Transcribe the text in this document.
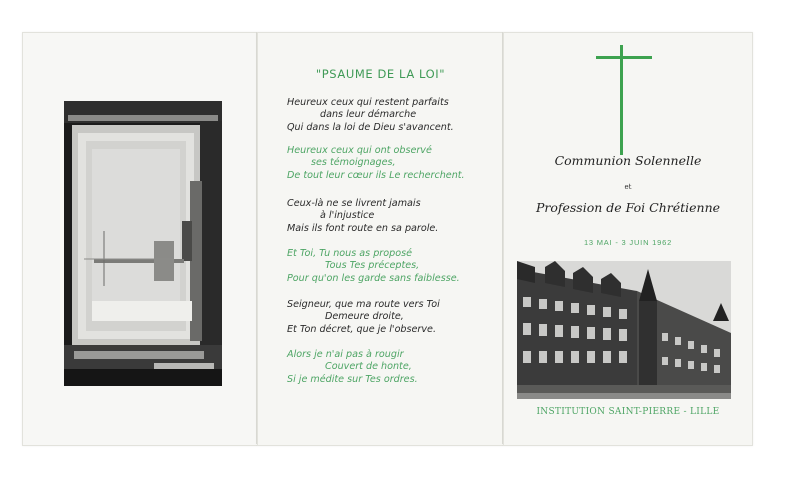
"PSAUME DE LA LOI"
Heureux ceux qui restent parfaits
dans leur démarche
Qui dans la loi de Dieu s'avancent.
Heureux ceux qui ont observé
ses témoignages,
De tout leur cœur ils Le recherchent.
Ceux-là ne se livrent jamais
à l'injustice
Mais ils font route en sa parole.
Et Toi, Tu nous as proposé
Tous Tes préceptes,
Pour qu'on les garde sans faiblesse.
Seigneur, que ma route vers Toi
Demeure droite,
Et Ton décret, que je l'observe.
Alors je n'ai pas à rougir
Couvert de honte,
Si je médite sur Tes ordres.
Communion Solennelle
et
Profession de Foi Chrétienne
13 MAI - 3 JUIN 1962
INSTITUTION SAINT-PIERRE - LILLE
